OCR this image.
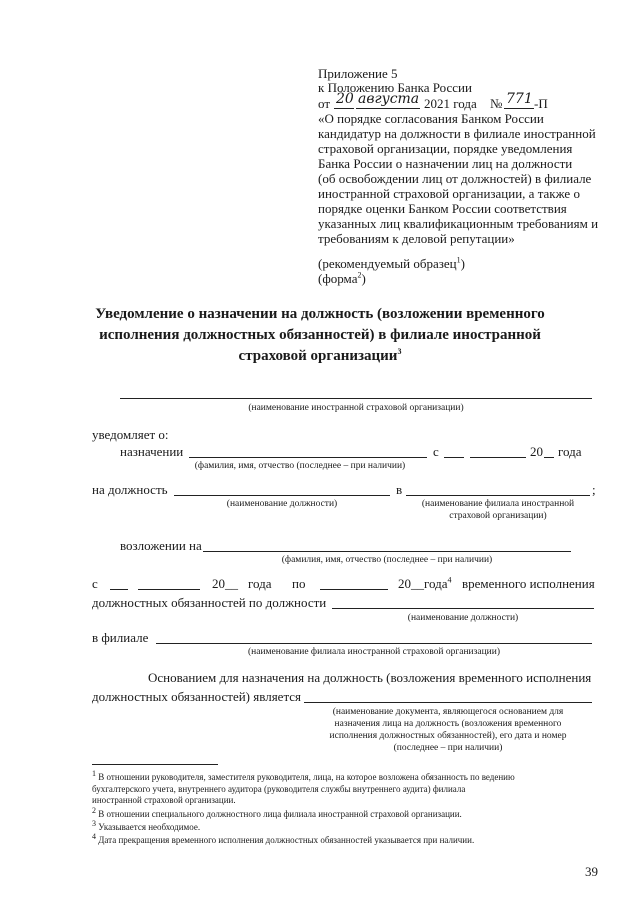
Приложение 5
к Положению Банка России
от 20 августа 2021 года № 771 -П
«О порядке согласования Банком России
кандидатур на должности в филиале иностранной
страховой организации, порядке уведомления
Банка России о назначении лиц на должности
(об освобождении лиц от должностей) в филиале
иностранной страховой организации, а также о
порядке оценки Банком России соответствия
указанных лиц квалификационным требованиям и
требованиям к деловой репутации»
(рекомендуемый образец$^1$)
(форма$^2$)
Уведомление о назначении на должность (возложении временного
исполнения должностных обязанностей) в филиале иностранной
страховой организации$^3$
(наименование иностранной страховой организации)
уведомляет о:
назначении	с	20 года
(фамилия, имя, отчество (последнее – при наличии)
на должность	в	;
(наименование должности)	(наименование филиала иностранной
страховой организации)
возложении на
(фамилия, имя, отчество (последнее – при наличии)
с	20__ года по	20__года$^4$ временного исполнения
должностных обязанностей по должности
(наименование должности)
в филиале
(наименование филиала иностранной страховой организации)
Основанием для назначения на должность (возложения временного исполнения
должностных обязанностей) является
(наименование документа, являющегося основанием для
назначения лица на должность (возложения временного
исполнения должностных обязанностей), его дата и номер
(последнее – при наличии)
$^1$ В отношении руководителя, заместителя руководителя, лица, на которое возложена обязанность по ведению
бухгалтерского учета, внутреннего аудитора (руководителя службы внутреннего аудита) филиала
иностранной страховой организации.
$^2$ В отношении специального должностного лица филиала иностранной страховой организации.
$^3$ Указывается необходимое.
$^4$ Дата прекращения временного исполнения должностных обязанностей указывается при наличии.
39
